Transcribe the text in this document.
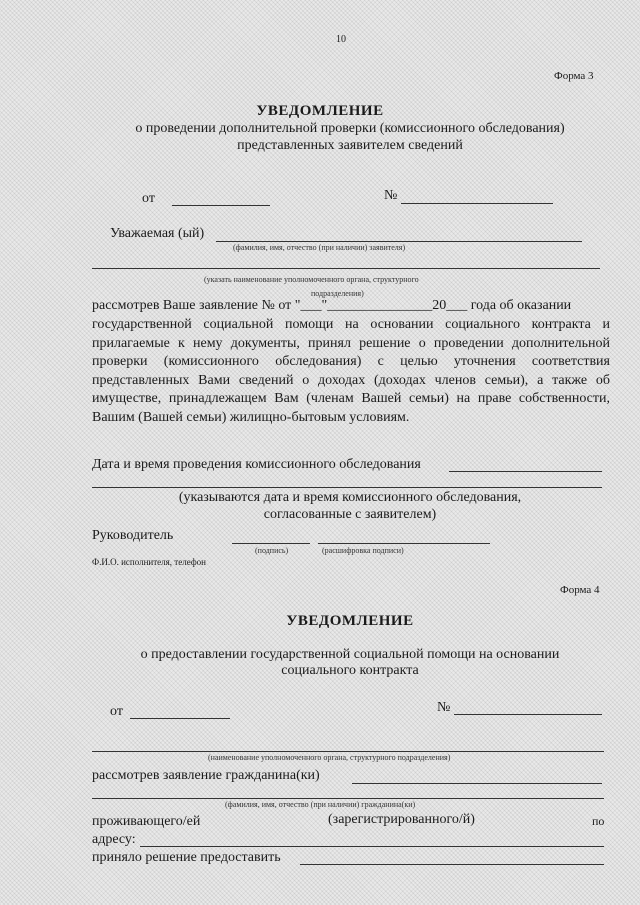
10
Форма 3
УВЕДОМЛЕНИЕ
о проведении дополнительной проверки (комиссионного обследования)
представленных заявителем сведений
от	№
Уважаемая (ый)
(фамилия, имя, отчество (при наличии) заявителя)
(указать наименование уполномоченного органа, структурного
подразделения)
рассмотрев Ваше заявление № от "___"_______________20___ года об оказании

государственной социальной помощи на основании социального контракта и прилагаемые к нему документы, принял решение о проведении дополнительной проверки (комиссионного обследования) с целью уточнения соответствия представленных Вами сведений о доходах (доходах членов семьи), а также об имуществе, принадлежащем Вам (членам Вашей семьи) на праве собственности, Вашим (Вашей семьи) жилищно-бытовым условиям.

Дата и время проведения комиссионного обследования
(указываются дата и время комиссионного обследования,
согласованные с заявителем)
Руководитель
(подпись)	(расшифровка подписи)
Ф.И.О. исполнителя, телефон
Форма 4
УВЕДОМЛЕНИЕ
о предоставлении государственной социальной помощи на основании
социального контракта
от	№
(наименование уполномоченного органа, структурного подразделения)
рассмотрев заявление гражданина(ки)
(фамилия, имя, отчество (при наличии) гражданина(ки)
проживающего/ей	(зарегистрированного/й)	по
адресу:
приняло решение предоставить
